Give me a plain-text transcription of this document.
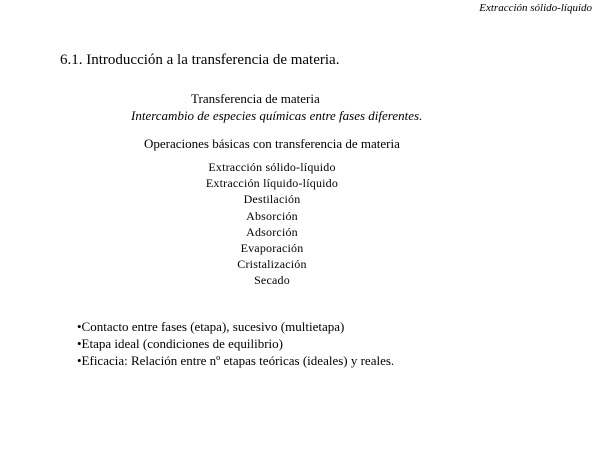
Extracción sólido-líquido
6.1. Introducción a la transferencia de materia.
Transferencia de materia
Intercambio de especies químicas entre fases diferentes.
Operaciones básicas con transferencia de materia
Extracción sólido-líquido
Extracción líquido-líquido
Destilación
Absorción
Adsorción
Evaporación
Cristalización
Secado
•Contacto entre fases (etapa), sucesivo (multietapa)
•Etapa ideal (condiciones de equilibrio)
•Eficacia: Relación entre nº etapas teóricas (ideales) y reales.
